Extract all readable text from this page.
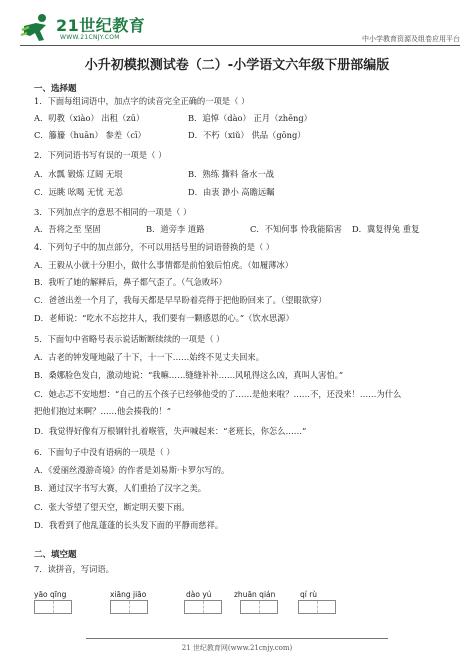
21世纪教育
WWW.21CNJY.COM	中小学教育资源及组卷应用平台
小升初模拟测试卷（二）-小学语文六年级下册部编版
一、选择题
1．下面每组词语中，加点字的读音完全正确的一项是（ ）
A．叨教（xiào） 出租（zū）	B．追悼（dào） 正月（zhēng）
C．籐籘（huān） 参差（cī）	D．不朽（xiǔ） 供品（gōng）
2．下列词语书写有误的一项是（ ）
A．水瓢 锻炼 辽阔 无垠	B．熟练 撕料 备水一战
C．远眺 吆喝 无忧 无恙	D．由衷 渺小 高瞻远瞩
3．下列加点字的意思不相同的一项是（ ）
A．吾将之至 坚固	B．道旁李 道路	C．不知何事 怜我能陷害 D．冀复得兔 重复
4．下列句子中的加点部分，不可以用括号里的词语替换的是（ ）
A．王毅从小就十分胆小，做什么事情都是前怕狼后怕虎。（如履薄冰）
B．我听了她的解释后，鼻子都气歪了。（气急败坏）
C．爸爸出差一个月了，我每天都是早早盼着亮得于把他盼回来了。（望眼欲穿）
D．老师说：“吃水不忘挖井人，我们要有一颗感恩的心。”（饮水思源）
5．下面句中省略号表示说话断断续续的一项是（ ）
A．古老的钟发哑地敲了十下，十一下……始终不见丈夫回来。
B．桑娜脸色发白，激动地说：“我嘛……缝缝补补……风吼得这么凶，真叫人害怕。”
C．她忐忑不安地想：“自己的五个孩子已经够他受的了……是他来啦？……不，还没来！……为什么
把他们抱过来啊？……他会揍我的！”
D．我觉得好像有万根钢针扎着喉管，失声喊起来：“老班长，你怎么……”
6．下面句子中没有语病的一项是（ ）
A．《爱丽丝漫游奇境》的作者是刘易斯·卡罗尔写的。
B．通过汉字书写大赛，人们重拾了汉字之美。
C．张大爷望了望天空，断定明天要下雨。
D．我看到了他乱蓬蓬的长头发下面的平静而慈祥。
二、填空题
7．读拼音，写词语。
yāo qīng	xiāng jiāo	dào yú	zhuān qián	qí rù
21 世纪教育网(www.21cnjy.com)
